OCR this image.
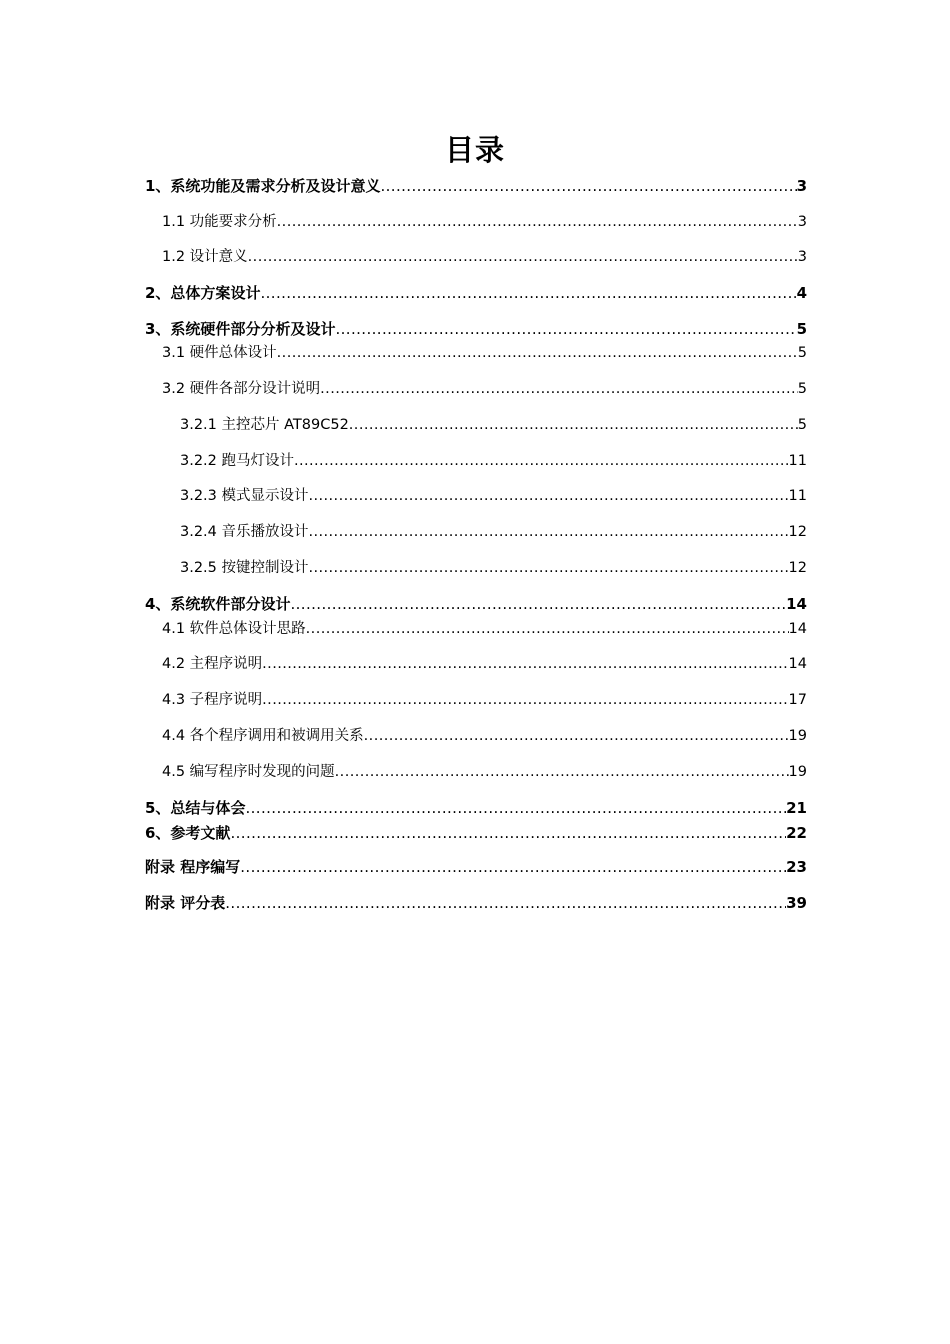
目录
1、系统功能及需求分析及设计意义 .....	3
1.1 功能要求分析 .....	3
1.2 设计意义 .....	3
2、总体方案设计 .....	4
3、系统硬件部分分析及设计 .....	5
3.1 硬件总体设计 .....	5
3.2 硬件各部分设计说明 .....	5
3.2.1 主控芯片 AT89C52 .....	5
3.2.2 跑马灯设计 .....	11
3.2.3 模式显示设计 .....	11
3.2.4 音乐播放设计 .....	12
3.2.5 按键控制设计 .....	12
4、系统软件部分设计 .....	14
4.1 软件总体设计思路 .....	14
4.2 主程序说明 .....	14
4.3 子程序说明 .....	17
4.4 各个程序调用和被调用关系 .....	19
4.5 编写程序时发现的问题 .....	19
5、总结与体会 .....	21
6、参考文献 .....	22
附录 程序编写 .....	23
附录 评分表 .....	39
